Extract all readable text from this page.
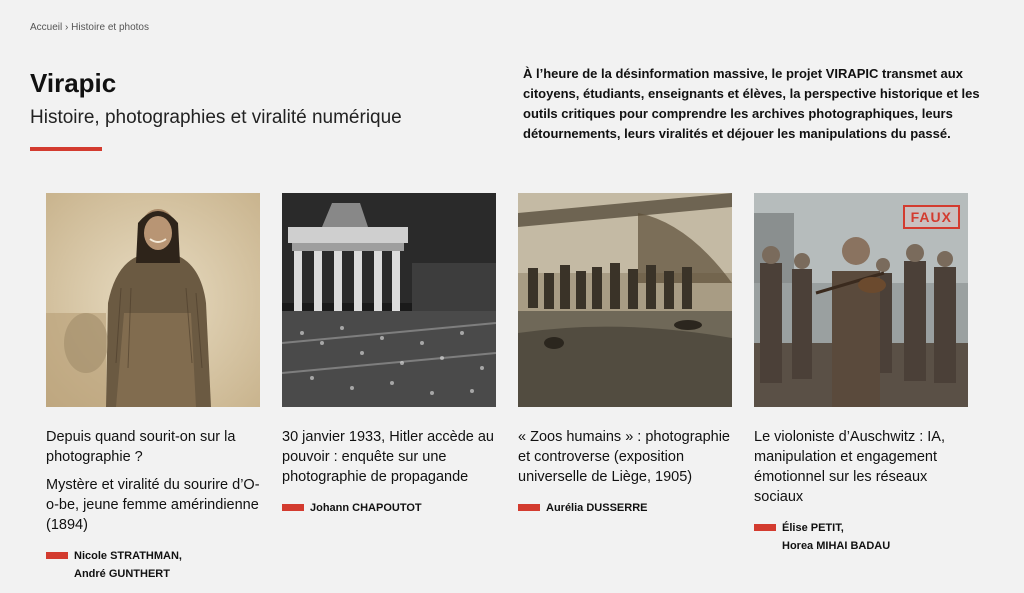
Accueil › Histoire et photos
Virapic
Histoire, photographies et viralité numérique

À l’heure de la désinformation massive, le projet VIRAPIC transmet aux citoyens, étudiants, enseignants et élèves, la perspective historique et les outils critiques pour comprendre les archives photographiques, leurs détournements, leurs viralités et déjouer les manipulations du passé.

Depuis quand sourit-on sur la photographie ?
Mystère et viralité du sourire d’O-o-be, jeune femme amérindienne (1894)
Nicole STRATHMAN,
André GUNTHERT
30 janvier 1933, Hitler accède au pouvoir : enquête sur une photographie de propagande
Johann CHAPOUTOT
« Zoos humains » : photographie et controverse (exposition universelle de Liège, 1905)
Aurélia DUSSERRE
FAUX
Le violoniste d’Auschwitz : IA, manipulation et engagement émotionnel sur les réseaux sociaux
Élise PETIT,
Horea MIHAI BADAU
